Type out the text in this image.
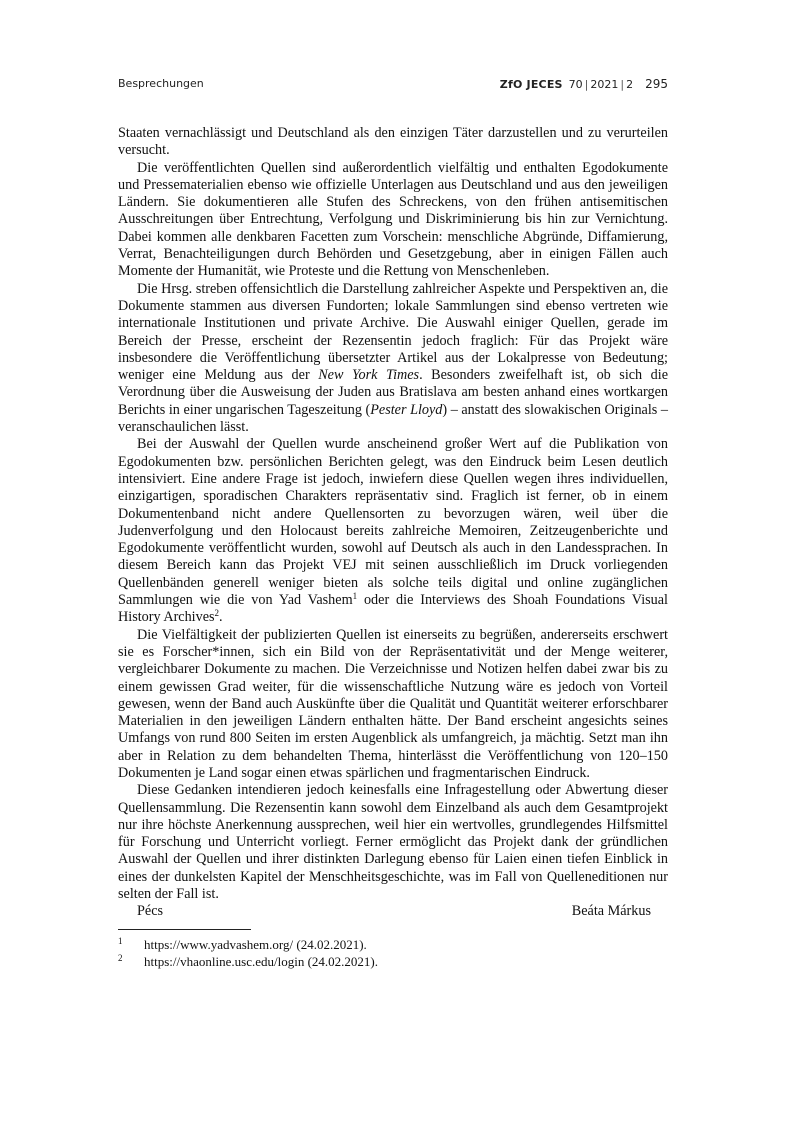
Besprechungen	ZfO JECES 70 | 2021 | 2 295

Staaten vernachlässigt und Deutschland als den einzigen Täter darzustellen und zu verurteilen versucht.

Die veröffentlichten Quellen sind außerordentlich vielfältig und enthalten Egodokumente und Pressematerialien ebenso wie offizielle Unterlagen aus Deutschland und aus den jeweiligen Ländern. Sie dokumentieren alle Stufen des Schreckens, von den frühen antisemitischen Ausschreitungen über Entrechtung, Verfolgung und Diskriminierung bis hin zur Vernichtung. Dabei kommen alle denkbaren Facetten zum Vorschein: menschliche Abgründe, Diffamierung, Verrat, Benachteiligungen durch Behörden und Gesetzgebung, aber in einigen Fällen auch Momente der Humanität, wie Proteste und die Rettung von Menschenleben.

Die Hrsg. streben offensichtlich die Darstellung zahlreicher Aspekte und Perspektiven an, die Dokumente stammen aus diversen Fundorten; lokale Sammlungen sind ebenso vertreten wie internationale Institutionen und private Archive. Die Auswahl einiger Quellen, gerade im Bereich der Presse, erscheint der Rezensentin jedoch fraglich: Für das Projekt wäre insbesondere die Veröffentlichung übersetzter Artikel aus der Lokalpresse von Bedeutung; weniger eine Meldung aus der New York Times. Besonders zweifelhaft ist, ob sich die Verordnung über die Ausweisung der Juden aus Bratislava am besten anhand eines wortkargen Berichts in einer ungarischen Tageszeitung (Pester Lloyd) – anstatt des slowakischen Originals – veranschaulichen lässt.

Bei der Auswahl der Quellen wurde anscheinend großer Wert auf die Publikation von Egodokumenten bzw. persönlichen Berichten gelegt, was den Eindruck beim Lesen deutlich intensiviert. Eine andere Frage ist jedoch, inwiefern diese Quellen wegen ihres individuellen, einzigartigen, sporadischen Charakters repräsentativ sind. Fraglich ist ferner, ob in einem Dokumentenband nicht andere Quellensorten zu bevorzugen wären, weil über die Judenverfolgung und den Holocaust bereits zahlreiche Memoiren, Zeitzeugenberichte und Egodokumente veröffentlicht wurden, sowohl auf Deutsch als auch in den Landessprachen. In diesem Bereich kann das Projekt VEJ mit seinen ausschließlich im Druck vorliegenden Quellenbänden generell weniger bieten als solche teils digital und online zugänglichen Sammlungen wie die von Yad Vashem$^1$ oder die Interviews des Shoah Foundations Visual History Archives$^2$.

Die Vielfältigkeit der publizierten Quellen ist einerseits zu begrüßen, andererseits erschwert sie es Forscher*innen, sich ein Bild von der Repräsentativität und der Menge weiterer, vergleichbarer Dokumente zu machen. Die Verzeichnisse und Notizen helfen dabei zwar bis zu einem gewissen Grad weiter, für die wissenschaftliche Nutzung wäre es jedoch von Vorteil gewesen, wenn der Band auch Auskünfte über die Qualität und Quantität weiterer erforschbarer Materialien in den jeweiligen Ländern enthalten hätte. Der Band erscheint angesichts seines Umfangs von rund 800 Seiten im ersten Augenblick als umfangreich, ja mächtig. Setzt man ihn aber in Relation zu dem behandelten Thema, hinterlässt die Veröffentlichung von 120–150 Dokumenten je Land sogar einen etwas spärlichen und fragmentarischen Eindruck.

Diese Gedanken intendieren jedoch keinesfalls eine Infragestellung oder Abwertung dieser Quellensammlung. Die Rezensentin kann sowohl dem Einzelband als auch dem Gesamtprojekt nur ihre höchste Anerkennung aussprechen, weil hier ein wertvolles, grundlegendes Hilfsmittel für Forschung und Unterricht vorliegt. Ferner ermöglicht das Projekt dank der gründlichen Auswahl der Quellen und ihrer distinkten Darlegung ebenso für Laien einen tiefen Einblick in eines der dunkelsten Kapitel der Menschheitsgeschichte, was im Fall von Quelleneditionen nur selten der Fall ist.

Pécs	Beáta Márkus
1	https://www.yadvashem.org/ (24.02.2021).
2	https://vhaonline.usc.edu/login (24.02.2021).
